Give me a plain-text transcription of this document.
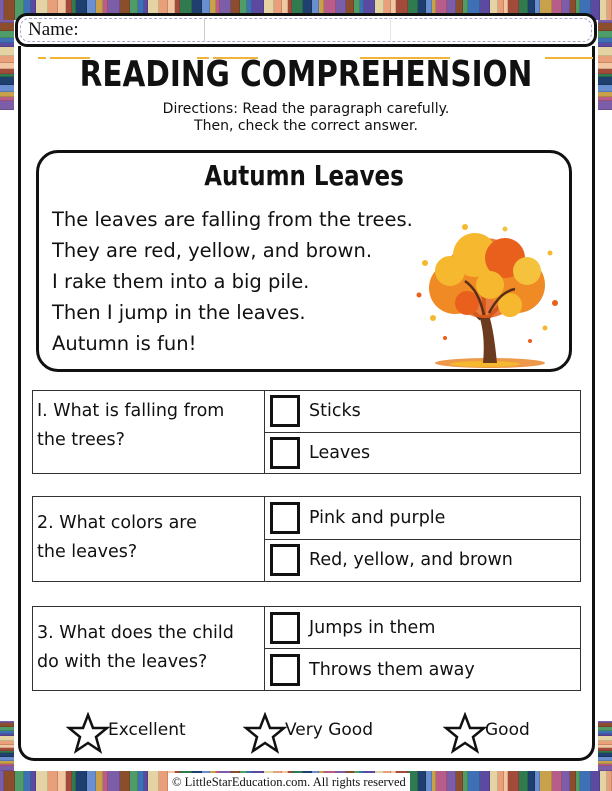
Name:
READING COMPREHENSION
Directions: Read the paragraph carefully.
Then, check the correct answer.
Autumn Leaves
The leaves are falling from the trees.
They are red, yellow, and brown.
I rake them into a big pile.
Then I jump in the leaves.
Autumn is fun!
I. What is falling from
the trees?
Sticks
Leaves
2. What colors are
the leaves?
Pink and purple
Red, yellow, and brown
3. What does the child
do with the leaves?
Jumps in them
Throws them away
Excellent	Very Good	Good
© LittleStarEducation.com. All rights reserved
